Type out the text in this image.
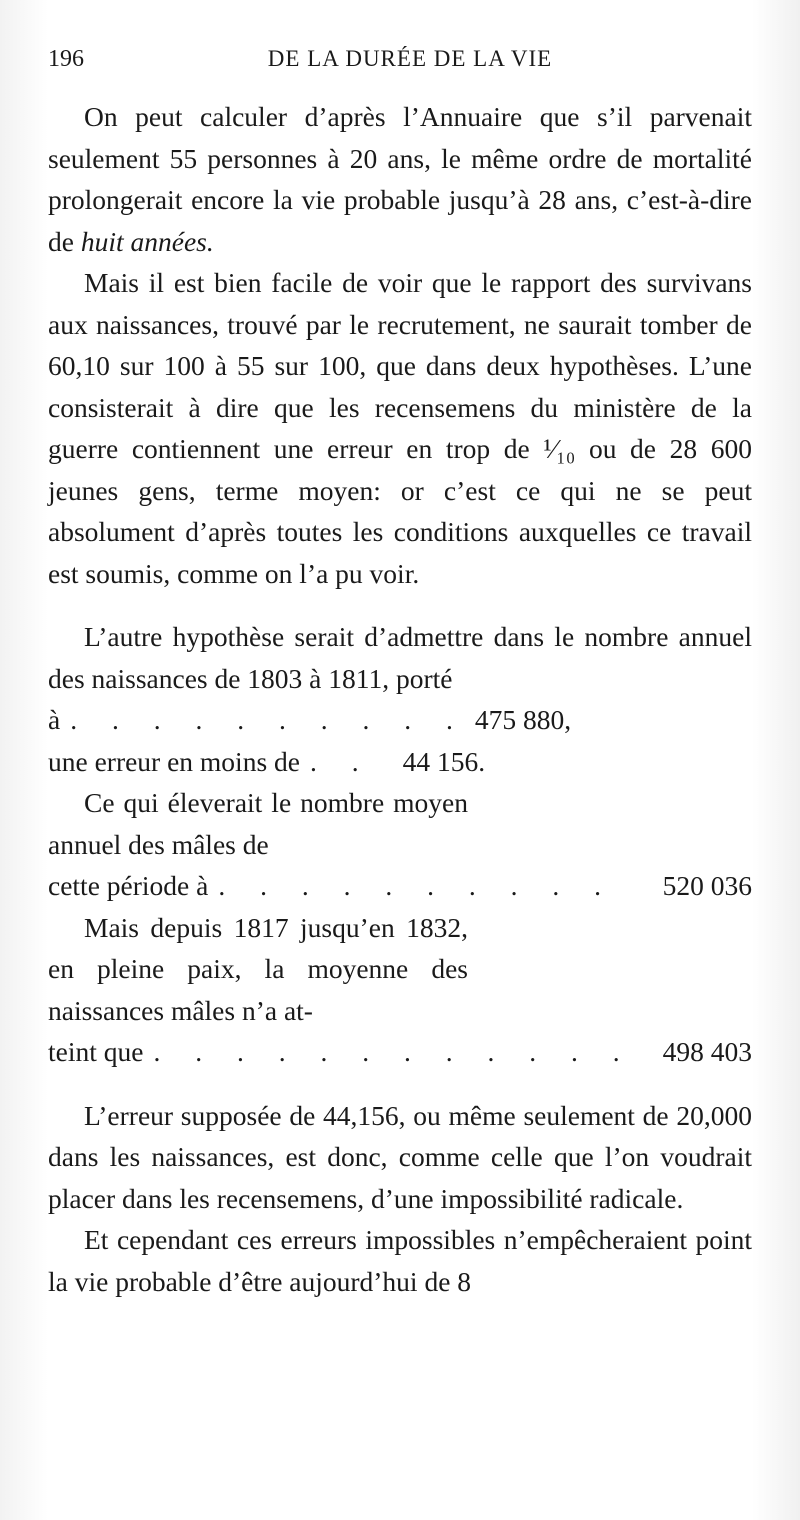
196	DE LA DURÉE DE LA VIE

On peut calculer d’après l’Annuaire que s’il parvenait seulement 55 personnes à 20 ans, le même ordre de mortalité prolongerait encore la vie probable jusqu’à 28 ans, c’est-à-dire de huit années.

Mais il est bien facile de voir que le rapport des survivans aux naissances, trouvé par le recrutement, ne saurait tomber de 60,10 sur 100 à 55 sur 100, que dans deux hypothèses. L’une consisterait à dire que les recensemens du ministère de la guerre contiennent une erreur en trop de ¹⁄₁₀ ou de 28 600 jeunes gens, terme moyen: or c’est ce qui ne se peut absolument d’après toutes les conditions auxquelles ce travail est soumis, comme on l’a pu voir.

L’autre hypothèse serait d’admettre dans le nombre annuel des naissances de 1803 à 1811, porté

à . . . . . . . . . . 475 880,
une erreur en moins de . .	44 156.
Ce qui éleverait le nombre moyen annuel des mâles de
cette période à . . . . . . . . . .	520 036
Mais depuis 1817 jusqu’en 1832, en pleine paix, la moyenne des naissances mâles n’a at-
teint que . . . . . . . . . . . .	498 403

L’erreur supposée de 44,156, ou même seulement de 20,000 dans les naissances, est donc, comme celle que l’on voudrait placer dans les recensemens, d’une impossibilité radicale.

Et cependant ces erreurs impossibles n’empêcheraient point la vie probable d’être aujourd’hui de 8
